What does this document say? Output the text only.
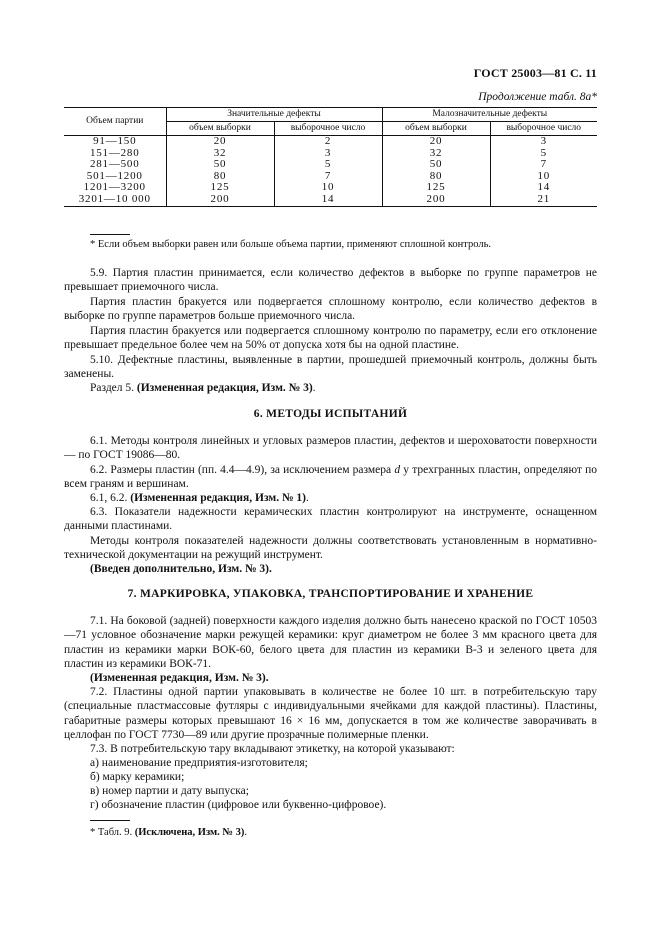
ГОСТ 25003—81 С. 11
Продолжение табл. 8а*
Объем партии	Значительные дефекты		Малозначительные дефекты	
	объем выборки	выборочное число	объем выборки	выборочное число
91—150	20	2	20	3
151—280	32	3	32	5
281—500	50	5	50	7
501—1200	80	7	80	10
1201—3200	125	10	125	14
3201—10 000	200	14	200	21
* Если объем выборки равен или больше объема партии, применяют сплошной контроль.
5.9. Партия пластин принимается, если количество дефектов в выборке по группе параметров не превышает приемочного числа.
Партия пластин бракуется или подвергается сплошному контролю, если количество дефектов в выборке по группе параметров больше приемочного числа.
Партия пластин бракуется или подвергается сплошному контролю по параметру, если его отклонение превышает предельное более чем на 50% от допуска хотя бы на одной пластине.
5.10. Дефектные пластины, выявленные в партии, прошедшей приемочный контроль, должны быть заменены.
Раздел 5. (Измененная редакция, Изм. № 3).
6. МЕТОДЫ ИСПЫТАНИЙ
6.1. Методы контроля линейных и угловых размеров пластин, дефектов и шероховатости поверхности — по ГОСТ 19086—80.
6.2. Размеры пластин (пп. 4.4—4.9), за исключением размера d у трехгранных пластин, определяют по всем граням и вершинам.
6.1, 6.2. (Измененная редакция, Изм. № 1).
6.3. Показатели надежности керамических пластин контролируют на инструменте, оснащенном данными пластинами.
Методы контроля показателей надежности должны соответствовать установленным в нормативно-технической документации на режущий инструмент.
(Введен дополнительно, Изм. № 3).
7. МАРКИРОВКА, УПАКОВКА, ТРАНСПОРТИРОВАНИЕ И ХРАНЕНИЕ
7.1. На боковой (задней) поверхности каждого изделия должно быть нанесено краской по ГОСТ 10503—71 условное обозначение марки режущей керамики: круг диаметром не более 3 мм красного цвета для пластин из керамики марки ВОК-60, белого цвета для пластин из керамики В-3 и зеленого цвета для пластин из керамики ВОК-71.
(Измененная редакция, Изм. № 3).
7.2. Пластины одной партии упаковывать в количестве не более 10 шт. в потребительскую тару (специальные пластмассовые футляры с индивидуальными ячейками для каждой пластины). Пластины, габаритные размеры которых превышают 16 × 16 мм, допускается в том же количестве заворачивать в целлофан по ГОСТ 7730—89 или другие прозрачные полимерные пленки.
7.3. В потребительскую тару вкладывают этикетку, на которой указывают:
а) наименование предприятия-изготовителя;
б) марку керамики;
в) номер партии и дату выпуска;
г) обозначение пластин (цифровое или буквенно-цифровое).
* Табл. 9. (Исключена, Изм. № 3).
